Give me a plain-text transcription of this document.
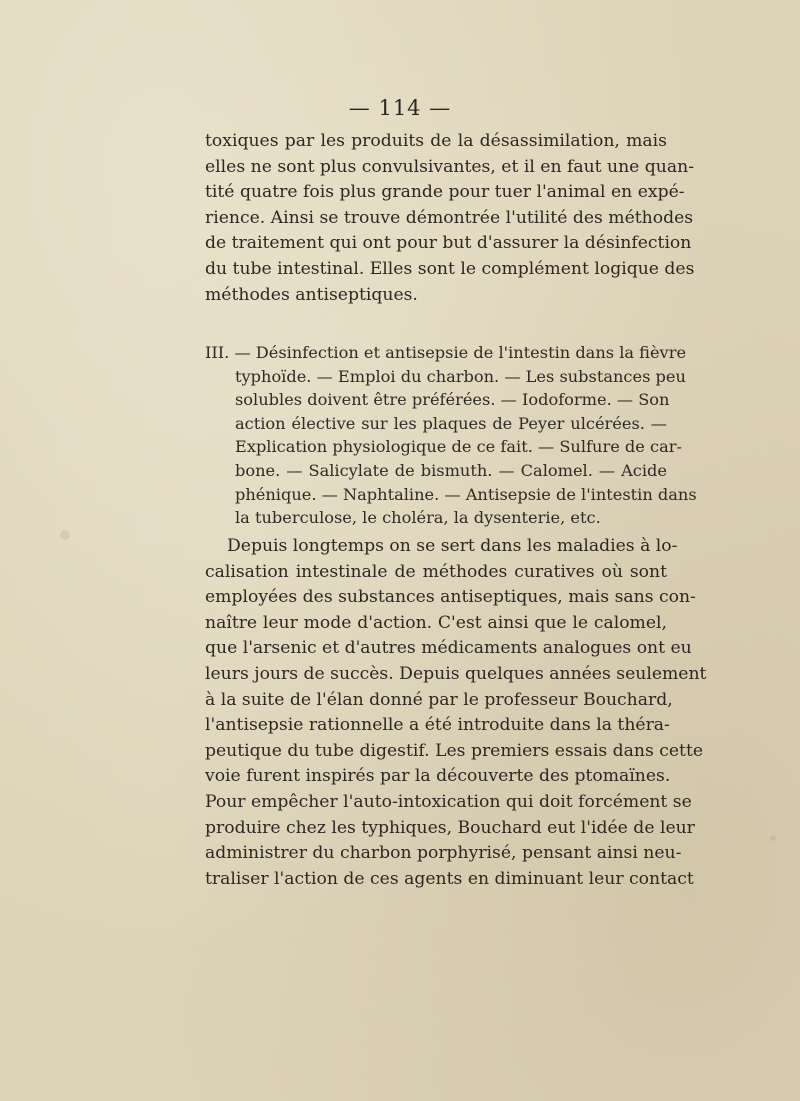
— 114 —
toxiques par les produits de la désassimilation, mais
elles ne sont plus convulsivantes, et il en faut une quan-
tité quatre fois plus grande pour tuer l'animal en expé-
rience. Ainsi se trouve démontrée l'utilité des méthodes
de traitement qui ont pour but d'assurer la désinfection
du tube intestinal. Elles sont le complément logique des
méthodes antiseptiques.
III. — Désinfection et antisepsie de l'intestin dans la fièvre
typhoïde. — Emploi du charbon. — Les substances peu
solubles doivent être préférées. — Iodoforme. — Son
action élective sur les plaques de Peyer ulcérées. —
Explication physiologique de ce fait. — Sulfure de car-
bone. — Salicylate de bismuth. — Calomel. — Acide
phénique. — Naphtaline. — Antisepsie de l'intestin dans
la tuberculose, le choléra, la dysenterie, etc.
Depuis longtemps on se sert dans les maladies à lo-
calisation intestinale de méthodes curatives où sont
employées des substances antiseptiques, mais sans con-
naître leur mode d'action. C'est ainsi que le calomel,
que l'arsenic et d'autres médicaments analogues ont eu
leurs jours de succès. Depuis quelques années seulement
à la suite de l'élan donné par le professeur Bouchard,
l'antisepsie rationnelle a été introduite dans la théra-
peutique du tube digestif. Les premiers essais dans cette
voie furent inspirés par la découverte des ptomaïnes.
Pour empêcher l'auto-intoxication qui doit forcément se
produire chez les typhiques, Bouchard eut l'idée de leur
administrer du charbon porphyrisé, pensant ainsi neu-
traliser l'action de ces agents en diminuant leur contact
